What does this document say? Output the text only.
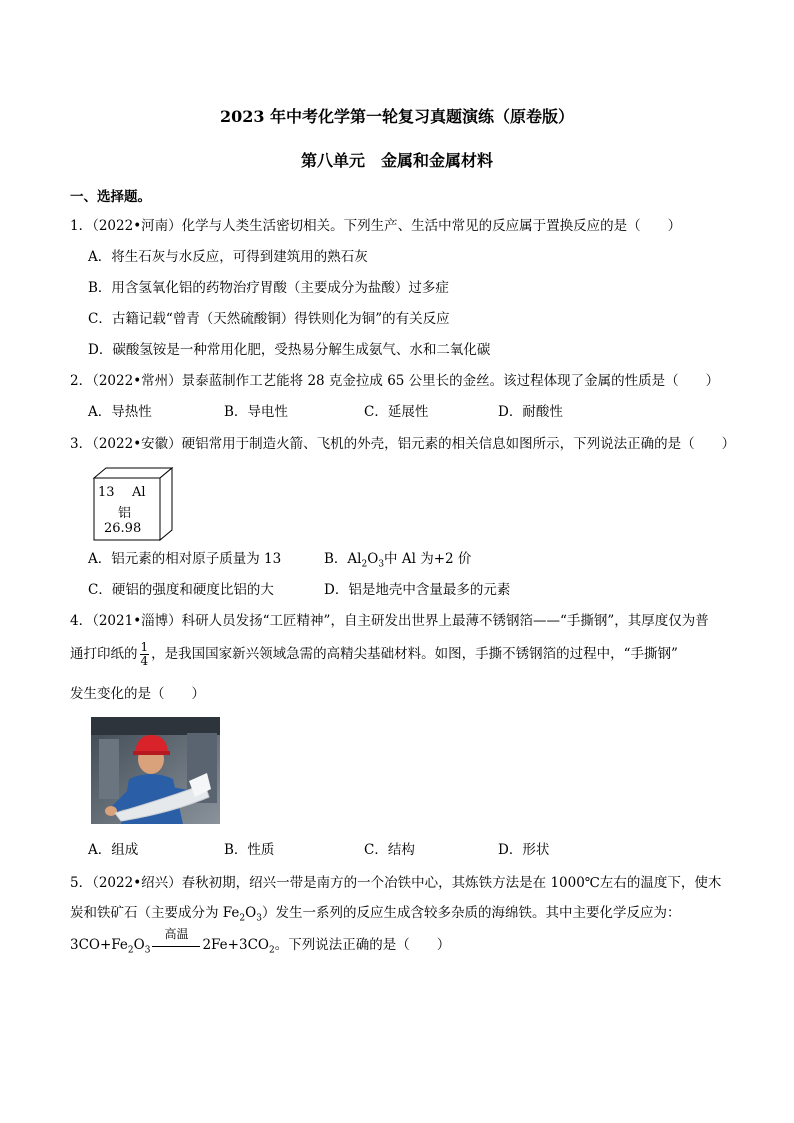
2023 年中考化学第一轮复习真题演练（原卷版）
第八单元　金属和金属材料
一、选择题。
1．（2022•河南）化学与人类生活密切相关。下列生产、生活中常见的反应属于置换反应的是（　　）
A．将生石灰与水反应，可得到建筑用的熟石灰
B．用含氢氧化铝的药物治疗胃酸（主要成分为盐酸）过多症
C．古籍记载“曾青（天然硫酸铜）得铁则化为铜”的有关反应
D．碳酸氢铵是一种常用化肥，受热易分解生成氨气、水和二氧化碳
2．（2022•常州）景泰蓝制作工艺能将 28 克金拉成 65 公里长的金丝。该过程体现了金属的性质是（　　）
A．导热性	B．导电性	C．延展性	D．耐酸性
3．（2022•安徽）硬铝常用于制造火箭、飞机的外壳，铝元素的相关信息如图所示，下列说法正确的是（　　）
13 Al
铝
26.98
A．铝元素的相对原子质量为 13	B．$Al_2O_3$中 Al 为+2 价
C．硬铝的强度和硬度比铝的大	D．铝是地壳中含量最多的元素
4．（2021•淄博）科研人员发扬“工匠精神”，自主研发出世界上最薄不锈钢箔——“手撕钢”，其厚度仅为普
通打印纸的 $\frac{1}{4}$ ，是我国国家新兴领域急需的高精尖基础材料。如图，手撕不锈钢箔的过程中，“手撕钢”
发生变化的是（　　）
A．组成	B．性质	C．结构	D．形状
5．（2022•绍兴）春秋初期，绍兴一带是南方的一个冶铁中心，其炼铁方法是在 1000℃左右的温度下，使木
炭和铁矿石（主要成分为 $Fe_2O_3$）发生一系列的反应生成含较多杂质的海绵铁。其中主要化学反应为：
$3CO+Fe_2O_3$
高温
$2Fe+3CO_2$。下列说法正确的是（　　）
